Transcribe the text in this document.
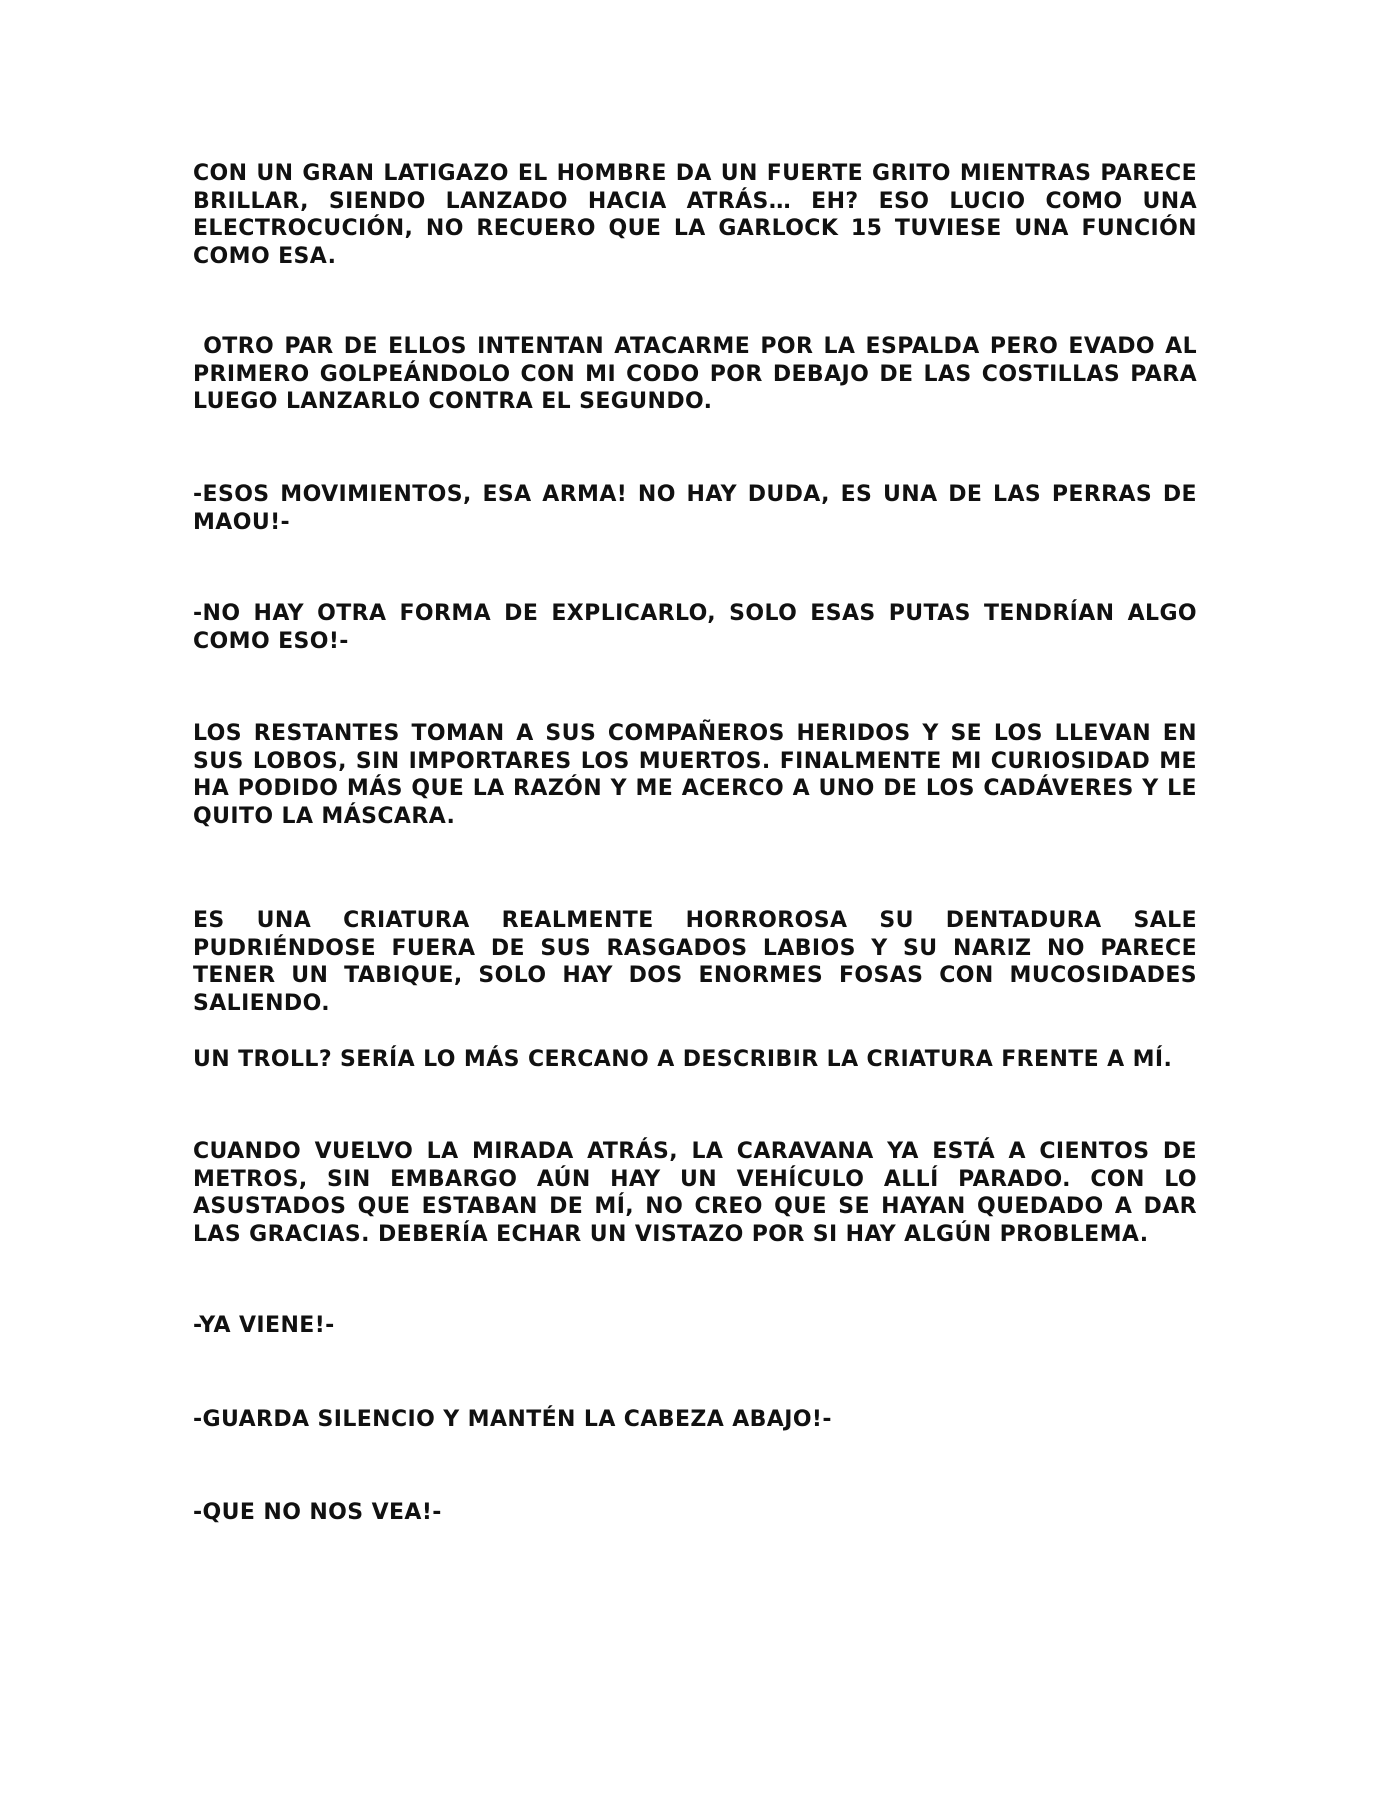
CON UN GRAN LATIGAZO EL HOMBRE DA UN FUERTE GRITO MIENTRAS PARECE BRILLAR, SIENDO LANZADO HACIA ATRÁS… EH? ESO LUCIO COMO UNA ELECTROCUCIÓN, NO RECUERO QUE LA GARLOCK 15 TUVIESE UNA FUNCIÓN COMO ESA.

OTRO PAR DE ELLOS INTENTAN ATACARME POR LA ESPALDA PERO EVADO AL PRIMERO GOLPEÁNDOLO CON MI CODO POR DEBAJO DE LAS COSTILLAS PARA LUEGO LANZARLO CONTRA EL SEGUNDO.

-ESOS MOVIMIENTOS, ESA ARMA! NO HAY DUDA, ES UNA DE LAS PERRAS DE MAOU!-

-NO HAY OTRA FORMA DE EXPLICARLO, SOLO ESAS PUTAS TENDRÍAN ALGO COMO ESO!-

LOS RESTANTES TOMAN A SUS COMPAÑEROS HERIDOS Y SE LOS LLEVAN EN SUS LOBOS, SIN IMPORTARES LOS MUERTOS. FINALMENTE MI CURIOSIDAD ME HA PODIDO MÁS QUE LA RAZÓN Y ME ACERCO A UNO DE LOS CADÁVERES Y LE QUITO LA MÁSCARA.

ES UNA CRIATURA REALMENTE HORROROSA SU DENTADURA SALE PUDRIÉNDOSE FUERA DE SUS RASGADOS LABIOS Y SU NARIZ NO PARECE TENER UN TABIQUE, SOLO HAY DOS ENORMES FOSAS CON MUCOSIDADES SALIENDO.

UN TROLL? SERÍA LO MÁS CERCANO A DESCRIBIR LA CRIATURA FRENTE A MÍ.

CUANDO VUELVO LA MIRADA ATRÁS, LA CARAVANA YA ESTÁ A CIENTOS DE METROS, SIN EMBARGO AÚN HAY UN VEHÍCULO ALLÍ PARADO. CON LO ASUSTADOS QUE ESTABAN DE MÍ, NO CREO QUE SE HAYAN QUEDADO A DAR LAS GRACIAS. DEBERÍA ECHAR UN VISTAZO POR SI HAY ALGÚN PROBLEMA.

-YA VIENE!-

-GUARDA SILENCIO Y MANTÉN LA CABEZA ABAJO!-

-QUE NO NOS VEA!-
